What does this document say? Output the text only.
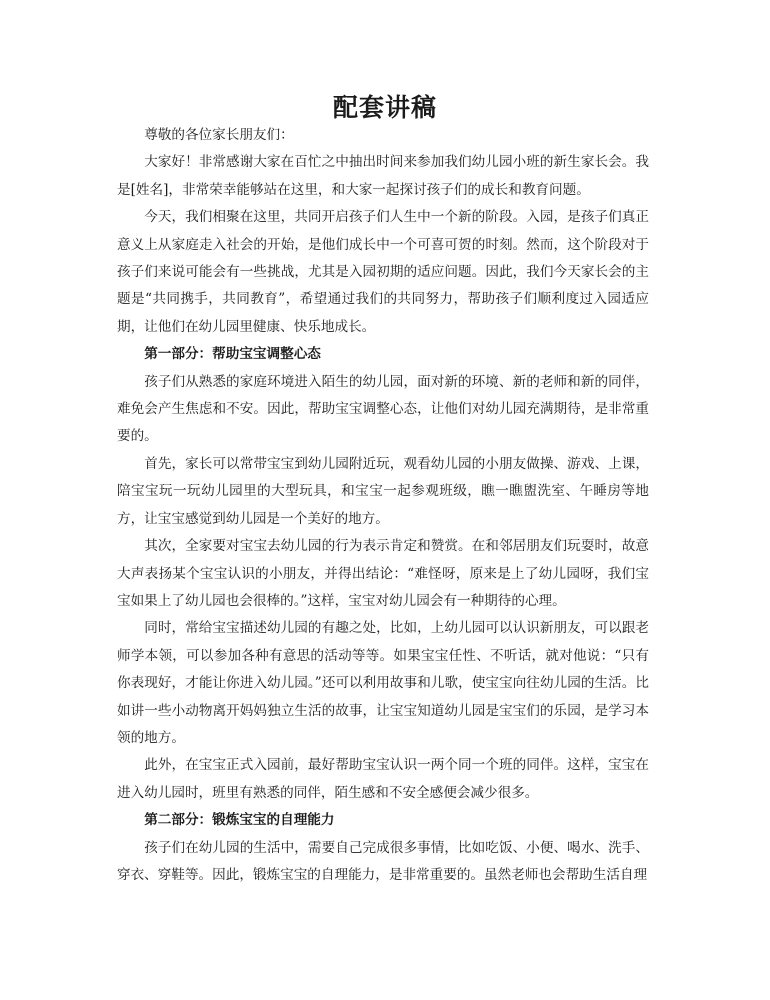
配套讲稿

尊敬的各位家长朋友们：

大家好！非常感谢大家在百忙之中抽出时间来参加我们幼儿园小班的新生家长会。我是[姓名]，非常荣幸能够站在这里，和大家一起探讨孩子们的成长和教育问题。

今天，我们相聚在这里，共同开启孩子们人生中一个新的阶段。入园，是孩子们真正意义上从家庭走入社会的开始，是他们成长中一个可喜可贺的时刻。然而，这个阶段对于孩子们来说可能会有一些挑战，尤其是入园初期的适应问题。因此，我们今天家长会的主题是“共同携手，共同教育”，希望通过我们的共同努力，帮助孩子们顺利度过入园适应期，让他们在幼儿园里健康、快乐地成长。

第一部分：帮助宝宝调整心态

孩子们从熟悉的家庭环境进入陌生的幼儿园，面对新的环境、新的老师和新的同伴，难免会产生焦虑和不安。因此，帮助宝宝调整心态，让他们对幼儿园充满期待，是非常重要的。

首先，家长可以常带宝宝到幼儿园附近玩，观看幼儿园的小朋友做操、游戏、上课，陪宝宝玩一玩幼儿园里的大型玩具，和宝宝一起参观班级，瞧一瞧盥洗室、午睡房等地方，让宝宝感觉到幼儿园是一个美好的地方。

其次，全家要对宝宝去幼儿园的行为表示肯定和赞赏。在和邻居朋友们玩耍时，故意大声表扬某个宝宝认识的小朋友，并得出结论：“难怪呀，原来是上了幼儿园呀，我们宝宝如果上了幼儿园也会很棒的。”这样，宝宝对幼儿园会有一种期待的心理。

同时，常给宝宝描述幼儿园的有趣之处，比如，上幼儿园可以认识新朋友，可以跟老师学本领，可以参加各种有意思的活动等等。如果宝宝任性、不听话，就对他说：“只有你表现好，才能让你进入幼儿园。”还可以利用故事和儿歌，使宝宝向往幼儿园的生活。比如讲一些小动物离开妈妈独立生活的故事，让宝宝知道幼儿园是宝宝们的乐园，是学习本领的地方。

此外，在宝宝正式入园前，最好帮助宝宝认识一两个同一个班的同伴。这样，宝宝在进入幼儿园时，班里有熟悉的同伴，陌生感和不安全感便会减少很多。

第二部分：锻炼宝宝的自理能力

孩子们在幼儿园的生活中，需要自己完成很多事情，比如吃饭、小便、喝水、洗手、穿衣、穿鞋等。因此，锻炼宝宝的自理能力，是非常重要的。虽然老师也会帮助生活自理
